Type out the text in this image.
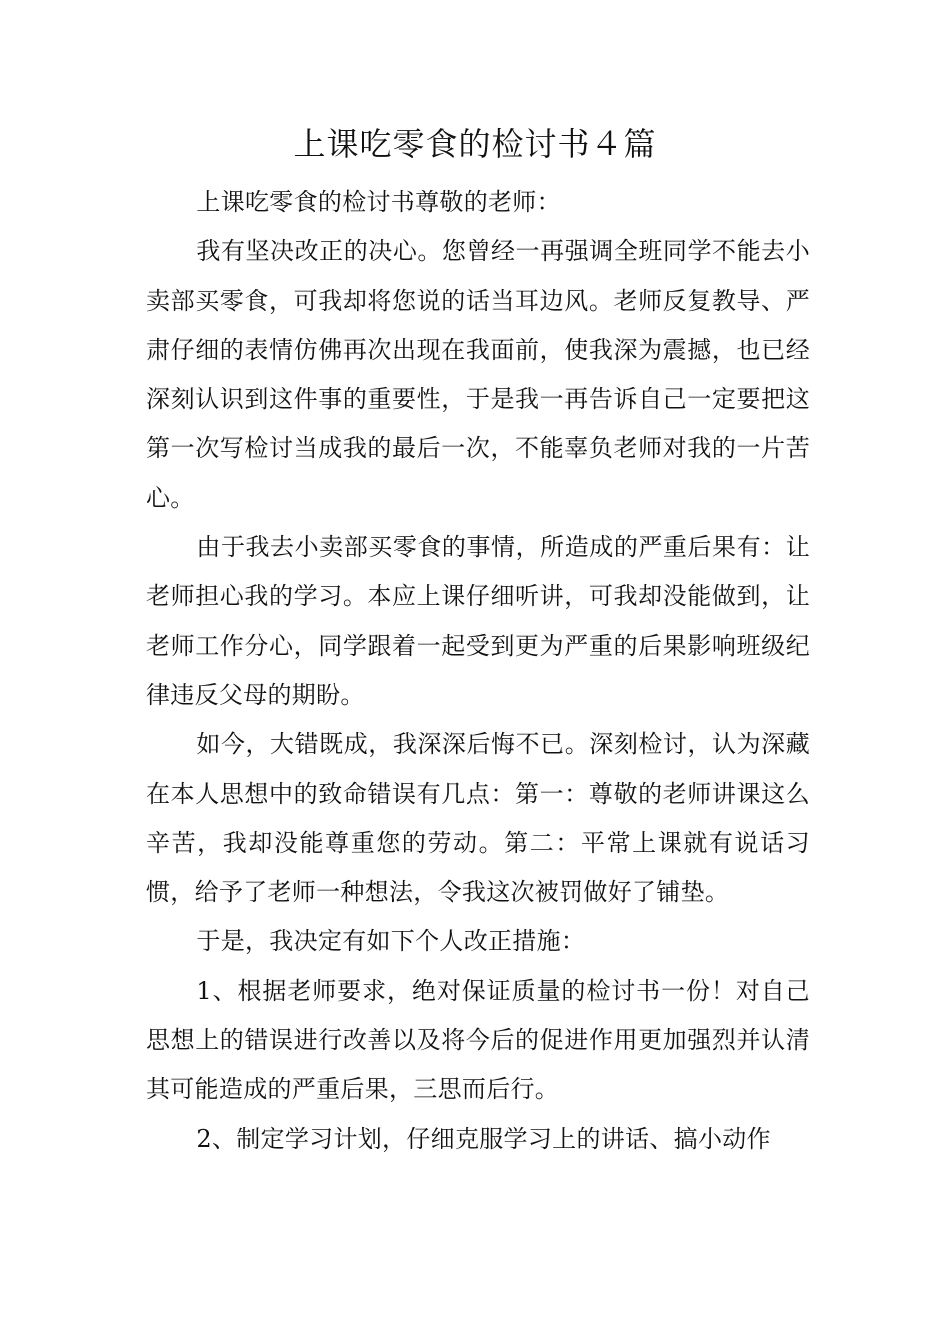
上课吃零食的检讨书４篇

上课吃零食的检讨书尊敬的老师：

我有坚决改正的决心。您曾经一再强调全班同学不能去小卖部买零食，可我却将您说的话当耳边风。老师反复教导、严肃仔细的表情仿佛再次出现在我面前，使我深为震撼，也已经深刻认识到这件事的重要性，于是我一再告诉自己一定要把这第一次写检讨当成我的最后一次，不能辜负老师对我的一片苦心。

由于我去小卖部买零食的事情，所造成的严重后果有：让老师担心我的学习。本应上课仔细听讲，可我却没能做到，让老师工作分心，同学跟着一起受到更为严重的后果影响班级纪律违反父母的期盼。

如今，大错既成，我深深后悔不已。深刻检讨，认为深藏在本人思想中的致命错误有几点：第一：尊敬的老师讲课这么辛苦，我却没能尊重您的劳动。第二：平常上课就有说话习惯，给予了老师一种想法，令我这次被罚做好了铺垫。

于是，我决定有如下个人改正措施：

1、根据老师要求，绝对保证质量的检讨书一份！对自己思想上的错误进行改善以及将今后的促进作用更加强烈并认清其可能造成的严重后果，三思而后行。

2、制定学习计划，仔细克服学习上的讲话、搞小动作
